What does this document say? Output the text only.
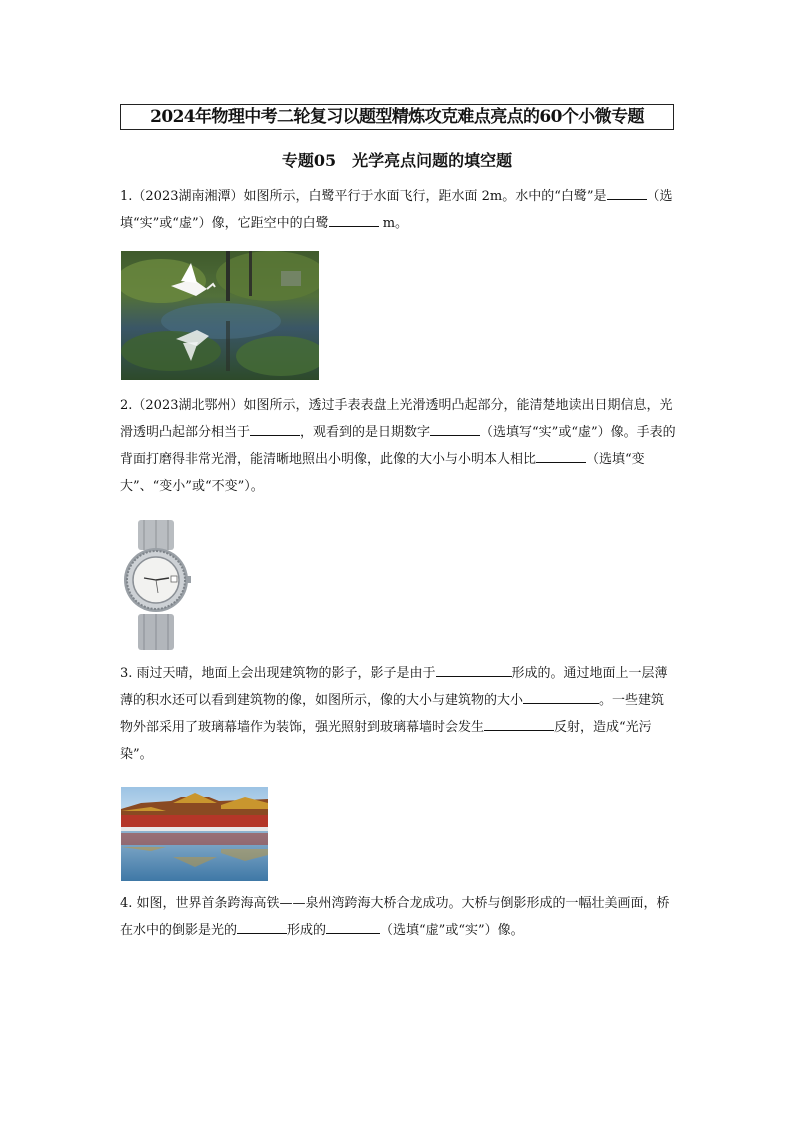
2024年物理中考二轮复习以题型精炼攻克难点亮点的60个小微专题
专题05　光学亮点问题的填空题
1.（2023湖南湘潭）如图所示，白鹭平行于水面飞行，距水面 2m。水中的“白鹭”是	（选填“实”或“虚”）像，它距空中的白鹭	m。
2.（2023湖北鄂州）如图所示，透过手表表盘上光滑透明凸起部分，能清楚地读出日期信息，光滑透明凸起部分相当于	，观看到的是日期数字	（选填写“实”或“虚”）像。手表的背面打磨得非常光滑，能清晰地照出小明像，此像的大小与小明本人相比	（选填“变大”、“变小”或“不变”）。
3. 雨过天晴，地面上会出现建筑物的影子，影子是由于	形成的。通过地面上一层薄薄的积水还可以看到建筑物的像，如图所示，像的大小与建筑物的大小	。一些建筑物外部采用了玻璃幕墙作为装饰，强光照射到玻璃幕墙时会发生	反射，造成“光污染”。
4. 如图，世界首条跨海高铁——泉州湾跨海大桥合龙成功。大桥与倒影形成的一幅壮美画面，桥在水中的倒影是光的	形成的	（选填“虚”或“实”）像。
